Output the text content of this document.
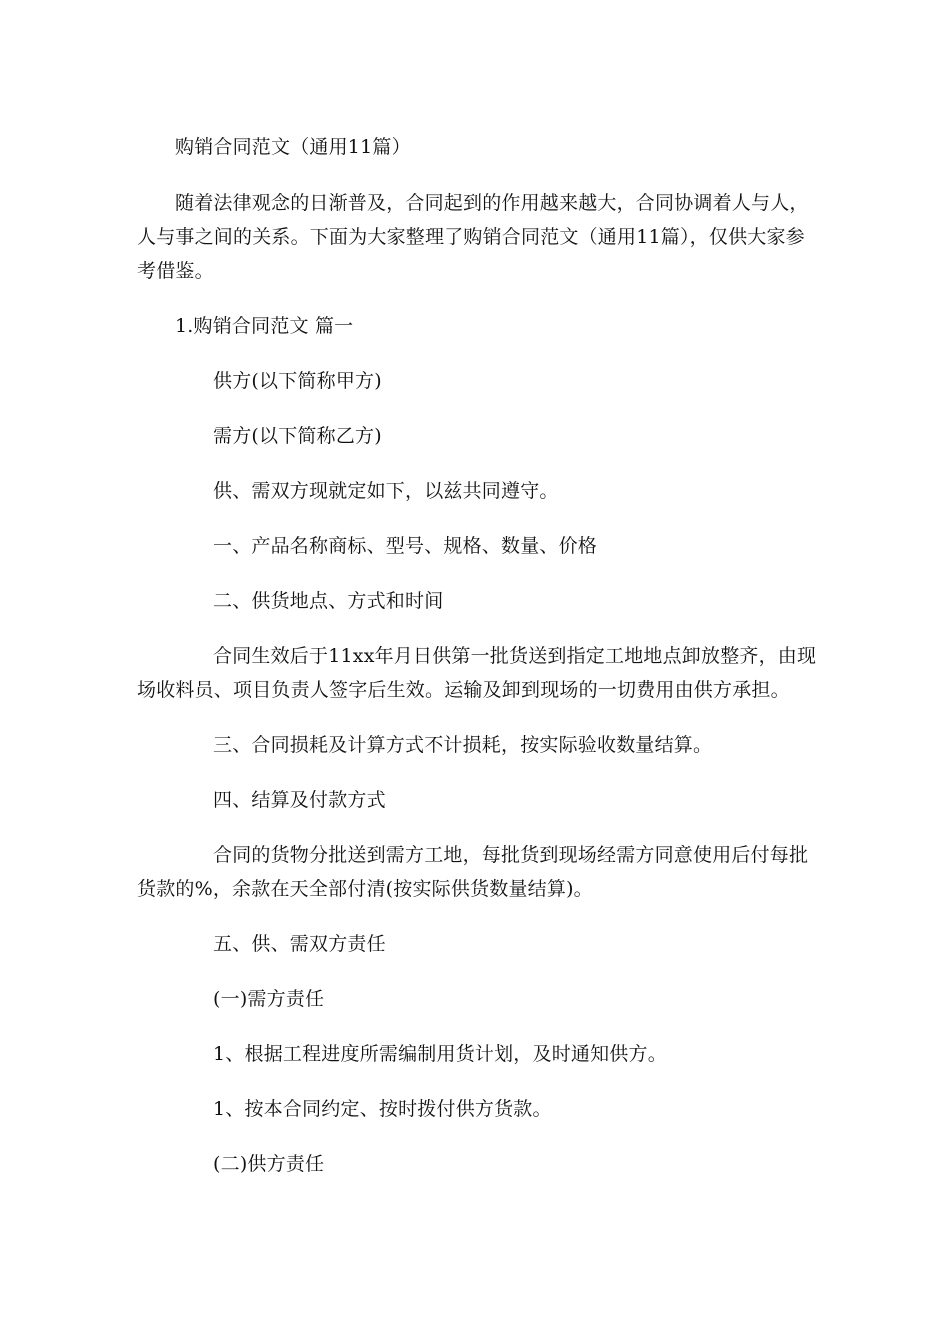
购销合同范文（通用11篇）
随着法律观念的日渐普及，合同起到的作用越来越大，合同协调着人与人，
人与事之间的关系。下面为大家整理了购销合同范文（通用11篇），仅供大家参
考借鉴。
1.购销合同范文 篇一
供方(以下简称甲方)
需方(以下简称乙方)
供、需双方现就定如下，以兹共同遵守。
一、产品名称商标、型号、规格、数量、价格
二、供货地点、方式和时间
合同生效后于11xx年月日供第一批货送到指定工地地点卸放整齐，由现
场收料员、项目负责人签字后生效。运输及卸到现场的一切费用由供方承担。
三、合同损耗及计算方式不计损耗，按实际验收数量结算。
四、结算及付款方式
合同的货物分批送到需方工地，每批货到现场经需方同意使用后付每批
货款的%，余款在天全部付清(按实际供货数量结算)。
五、供、需双方责任
(一)需方责任
1、根据工程进度所需编制用货计划，及时通知供方。
1、按本合同约定、按时拨付供方货款。
(二)供方责任
